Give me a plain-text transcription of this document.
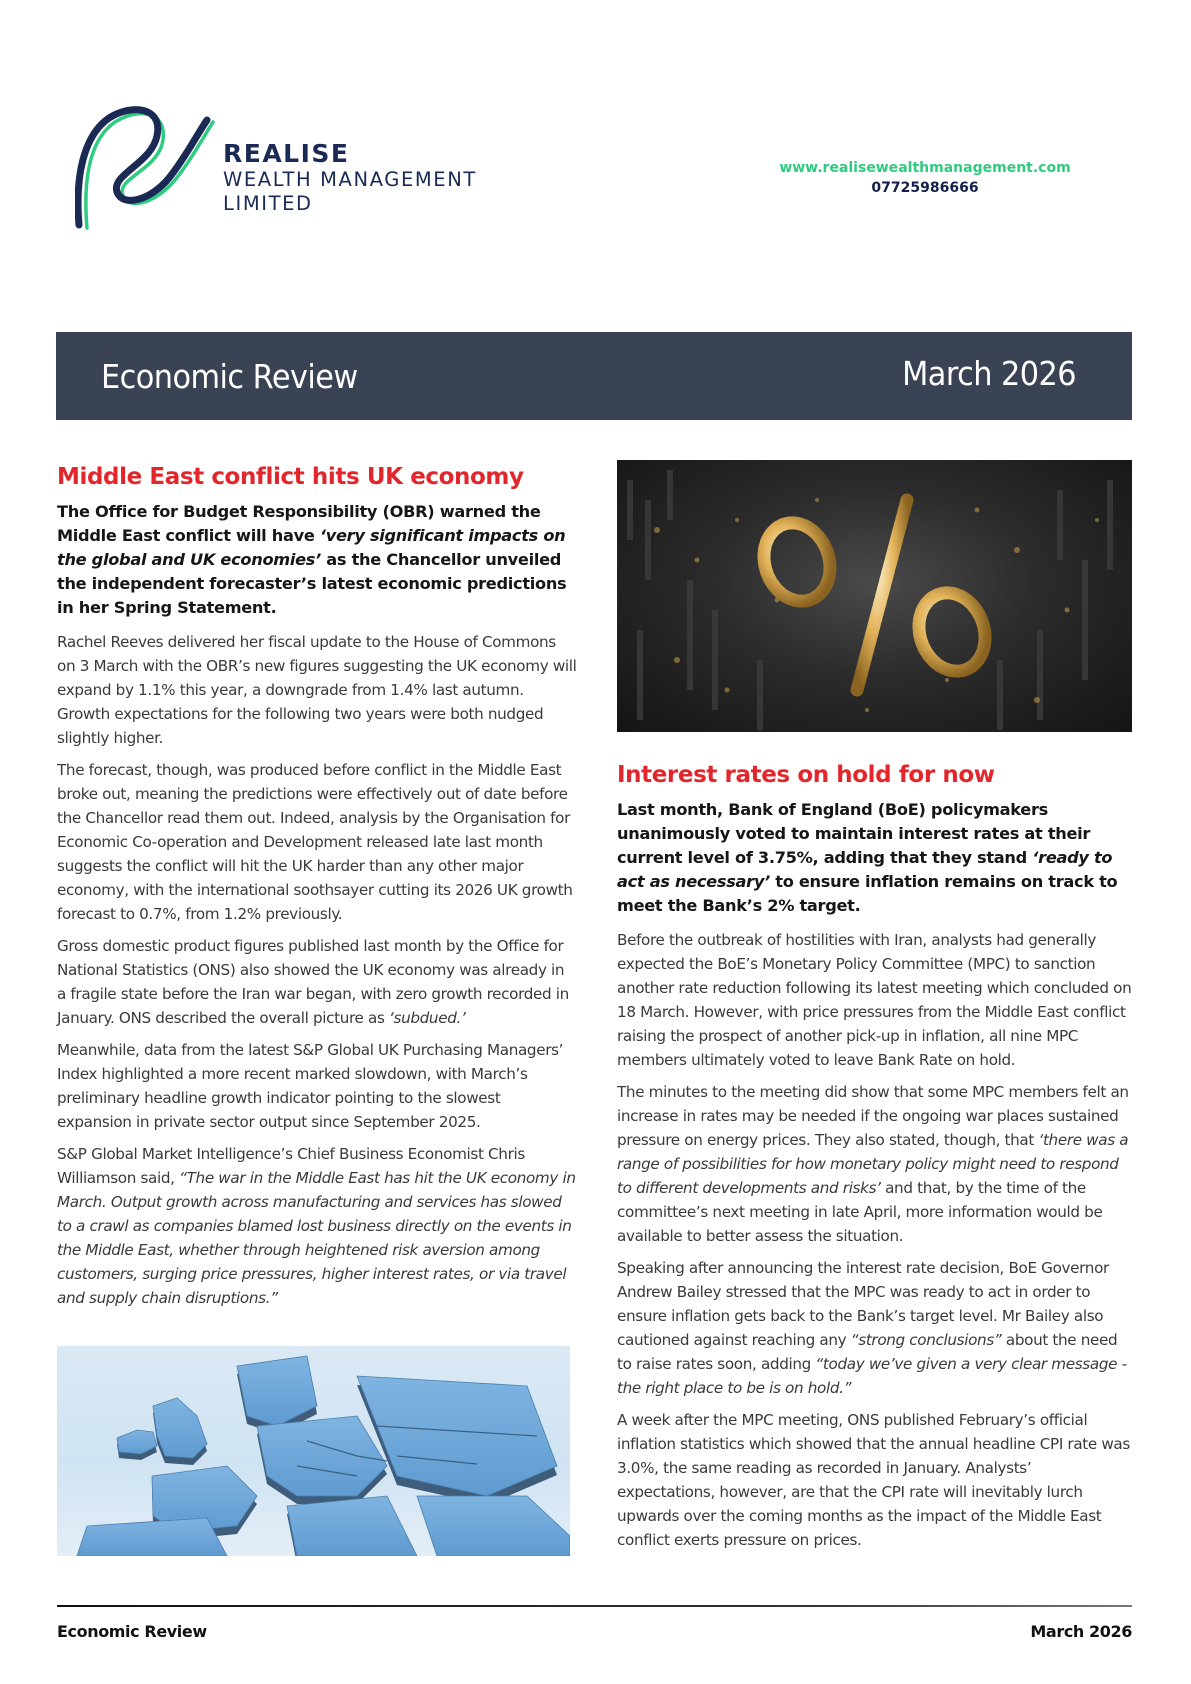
REALISE
WEALTH MANAGEMENT
LIMITED
www.realisewealthmanagement.com
07725986666
Economic Review	March 2026
Middle East conflict hits UK economy

The Office for Budget Responsibility (OBR) warned the Middle East conflict will have ‘very significant impacts on the global and UK economies’ as the Chancellor unveiled the independent forecaster’s latest economic predictions in her Spring Statement.

Rachel Reeves delivered her fiscal update to the House of Commons on 3 March with the OBR’s new figures suggesting the UK economy will expand by 1.1% this year, a downgrade from 1.4% last autumn. Growth expectations for the following two years were both nudged slightly higher.

The forecast, though, was produced before conflict in the Middle East broke out, meaning the predictions were effectively out of date before the Chancellor read them out. Indeed, analysis by the Organisation for Economic Co-operation and Development released late last month suggests the conflict will hit the UK harder than any other major economy, with the international soothsayer cutting its 2026 UK growth forecast to 0.7%, from 1.2% previously.

Gross domestic product figures published last month by the Office for National Statistics (ONS) also showed the UK economy was already in a fragile state before the Iran war began, with zero growth recorded in January. ONS described the overall picture as ‘subdued.’

Meanwhile, data from the latest S&P Global UK Purchasing Managers’ Index highlighted a more recent marked slowdown, with March’s preliminary headline growth indicator pointing to the slowest expansion in private sector output since September 2025.

S&P Global Market Intelligence’s Chief Business Economist Chris Williamson said, “The war in the Middle East has hit the UK economy in March. Output growth across manufacturing and services has slowed to a crawl as companies blamed lost business directly on the events in the Middle East, whether through heightened risk aversion among customers, surging price pressures, higher interest rates, or via travel and supply chain disruptions.”

Interest rates on hold for now

Last month, Bank of England (BoE) policymakers unanimously voted to maintain interest rates at their current level of 3.75%, adding that they stand ‘ready to act as necessary’ to ensure inflation remains on track to meet the Bank’s 2% target.

Before the outbreak of hostilities with Iran, analysts had generally expected the BoE’s Monetary Policy Committee (MPC) to sanction another rate reduction following its latest meeting which concluded on 18 March. However, with price pressures from the Middle East conflict raising the prospect of another pick-up in inflation, all nine MPC members ultimately voted to leave Bank Rate on hold.

The minutes to the meeting did show that some MPC members felt an increase in rates may be needed if the ongoing war places sustained pressure on energy prices. They also stated, though, that ‘there was a range of possibilities for how monetary policy might need to respond to different developments and risks’ and that, by the time of the committee’s next meeting in late April, more information would be available to better assess the situation.

Speaking after announcing the interest rate decision, BoE Governor Andrew Bailey stressed that the MPC was ready to act in order to ensure inflation gets back to the Bank’s target level. Mr Bailey also cautioned against reaching any “strong conclusions” about the need to raise rates soon, adding “today we’ve given a very clear message - the right place to be is on hold.”

A week after the MPC meeting, ONS published February’s official inflation statistics which showed that the annual headline CPI rate was 3.0%, the same reading as recorded in January. Analysts’ expectations, however, are that the CPI rate will inevitably lurch upwards over the coming months as the impact of the Middle East conflict exerts pressure on prices.

Economic Review	March 2026
